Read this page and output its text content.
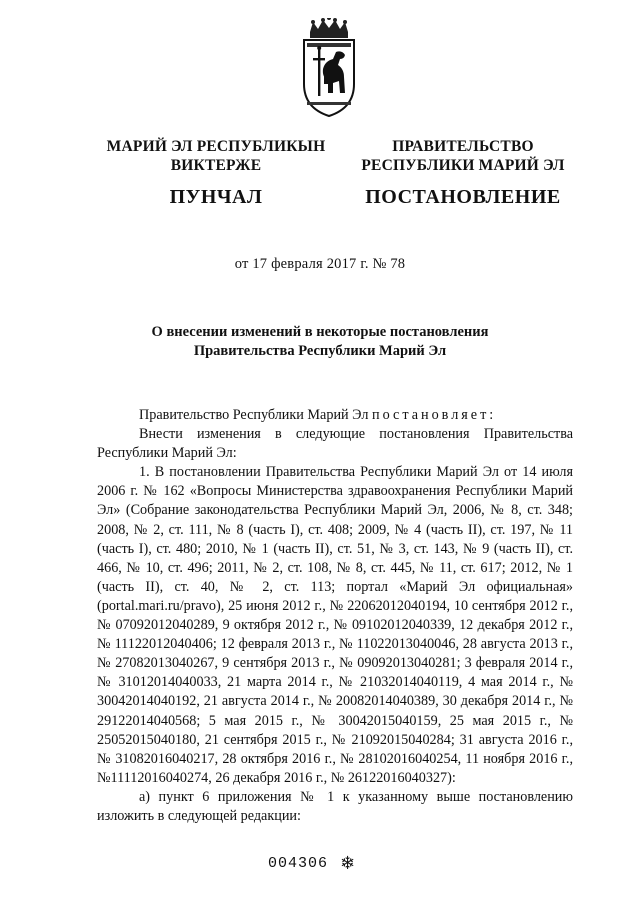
МАРИЙ ЭЛ РЕСПУБЛИКЫН
ВИКТЕРЖЕ
ПУНЧАЛ
ПРАВИТЕЛЬСТВО
РЕСПУБЛИКИ МАРИЙ ЭЛ
ПОСТАНОВЛЕНИЕ
от 17 февраля 2017 г. № 78
О внесении изменений в некоторые постановления
Правительства Республики Марий Эл

Правительство Республики Марий Эл постановляет:

Внести изменения в следующие постановления Правительства Республики Марий Эл:

1. В постановлении Правительства Республики Марий Эл от 14 июля 2006 г. № 162 «Вопросы Министерства здравоохранения Республики Марий Эл» (Собрание законодательства Республики Марий Эл, 2006, № 8, ст. 348; 2008, № 2, ст. 111, № 8 (часть I), ст. 408; 2009, № 4 (часть II), ст. 197, № 11 (часть I), ст. 480; 2010, № 1 (часть II), ст. 51, № 3, ст. 143, № 9 (часть II), ст. 466, № 10, ст. 496; 2011, № 2, ст. 108, № 8, ст. 445, № 11, ст. 617; 2012, № 1 (часть II), ст. 40, № 2, ст. 113; портал «Марий Эл официальная» (portal.mari.ru/pravo), 25 июня 2012 г., № 22062012040194, 10 сентября 2012 г., № 07092012040289, 9 октября 2012 г., № 09102012040339, 12 декабря 2012 г., № 11122012040406; 12 февраля 2013 г., № 11022013040046, 28 августа 2013 г., № 27082013040267, 9 сентября 2013 г., № 09092013040281; 3 февраля 2014 г., № 31012014040033, 21 марта 2014 г., № 21032014040119, 4 мая 2014 г., № 30042014040192, 21 августа 2014 г., № 20082014040389, 30 декабря 2014 г., № 29122014040568; 5 мая 2015 г., № 30042015040159, 25 мая 2015 г., № 25052015040180, 21 сентября 2015 г., № 21092015040284; 31 августа 2016 г., № 31082016040217, 28 октября 2016 г., № 28102016040254, 11 ноября 2016 г., №11112016040274, 26 декабря 2016 г., № 26122016040327):

а) пункт 6 приложения № 1 к указанному выше постановлению изложить в следующей редакции:

004306 ❄
